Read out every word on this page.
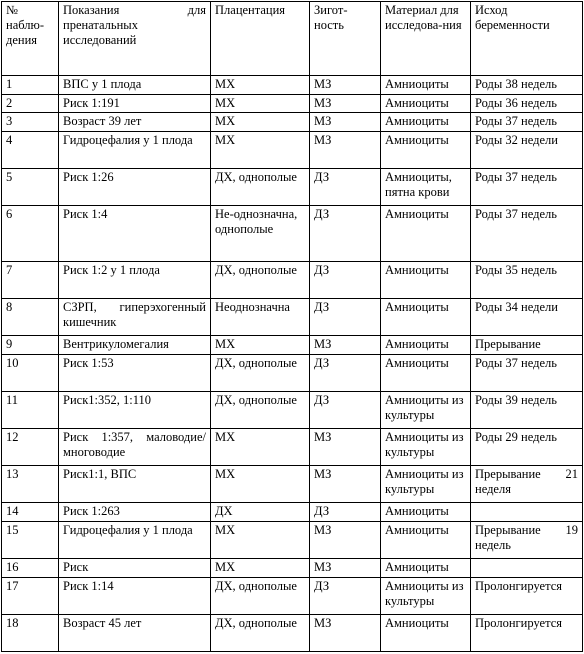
№ наблю-дения	Показания для пренатальных исследований	Плацентация	Зигот-ность	Материал для исследова-ния	Исход беременности
1	ВПС у 1 плода	МХ	МЗ	Амниоциты	Роды 38 недель
2	Риск 1:191	МХ	МЗ	Амниоциты	Роды 36 недель
3	Возраст 39 лет	МХ	МЗ	Амниоциты	Роды 37 недель
4	Гидроцефалия у 1 плода	МХ	МЗ	Амниоциты	Роды 32 недели
5	Риск 1:26	ДХ, однополые	ДЗ	Амниоциты, пятна крови	Роды 37 недель
6	Риск 1:4	Не-однозначна, однополые	ДЗ	Амниоциты	Роды 37 недель
7	Риск 1:2 у 1 плода	ДХ, однополые	ДЗ	Амниоциты	Роды 35 недель
8	СЗРП, гиперэхогенный кишечник	Неоднозначна	ДЗ	Амниоциты	Роды 34 недели
9	Вентрикуломегалия	МХ	МЗ	Амниоциты	Прерывание
10	Риск 1:53	ДХ, однополые	ДЗ	Амниоциты	Роды 37 недель
11	Риск1:352, 1:110	ДХ, однополые	ДЗ	Амниоциты из культуры	Роды 39 недель
12	Риск 1:357, маловодие/многоводие	МХ	МЗ	Амниоциты из культуры	Роды 29 недель
13	Риск1:1, ВПС	МХ	МЗ	Амниоциты из культуры	Прерывание 21 неделя
14	Риск 1:263	ДХ	ДЗ	Амниоциты	
15	Гидроцефалия у 1 плода	МХ	МЗ	Амниоциты	Прерывание 19 недель
16	Риск	МХ	МЗ	Амниоциты	
17	Риск 1:14	ДХ, однополые	ДЗ	Амниоциты из культуры	Пролонгируется
18	Возраст 45 лет	ДХ, однополые	МЗ	Амниоциты	Пролонгируется
